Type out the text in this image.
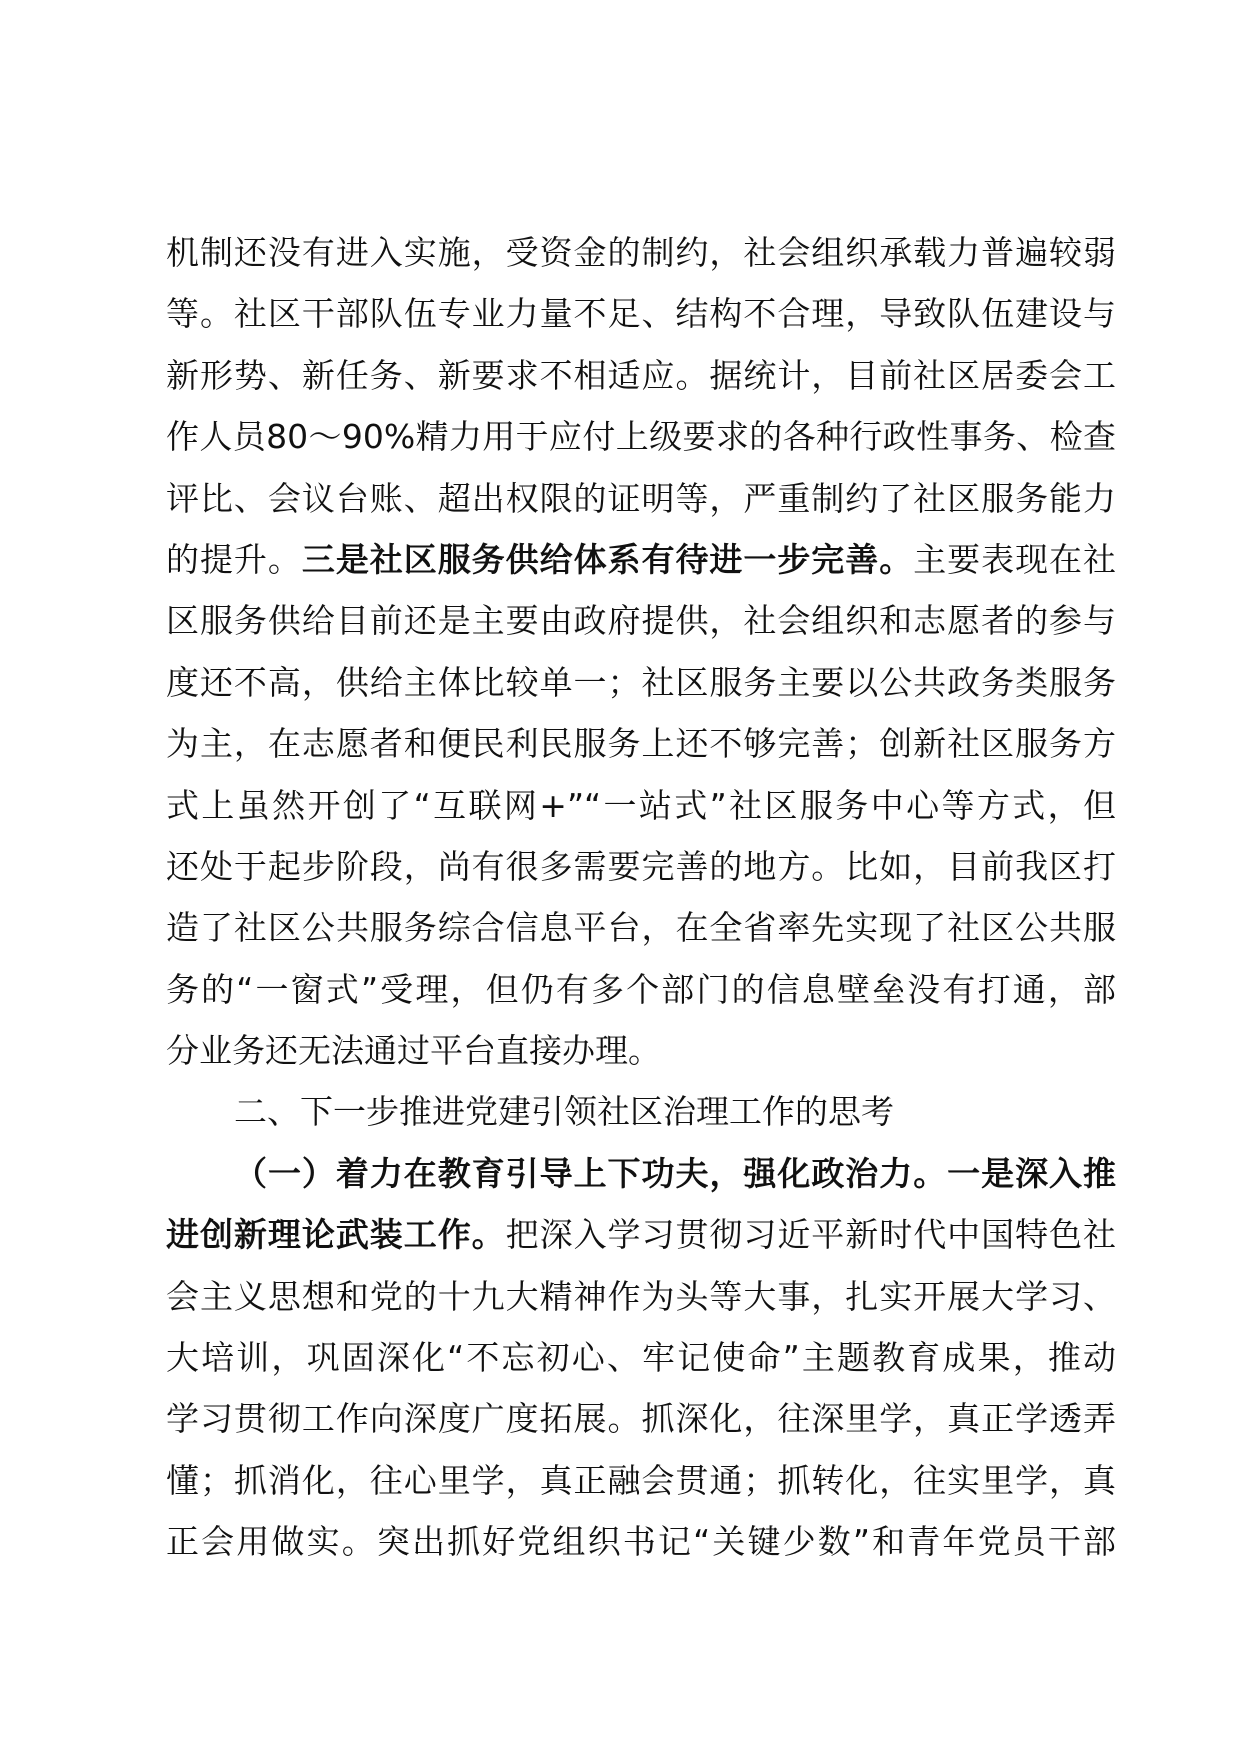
机制还没有进入实施，受资金的制约，社会组织承载力普遍较弱
等。社区干部队伍专业力量不足、结构不合理，导致队伍建设与
新形势、新任务、新要求不相适应。据统计，目前社区居委会工
作人员80～90%精力用于应付上级要求的各种行政性事务、检查
评比、会议台账、超出权限的证明等，严重制约了社区服务能力
的提升。三是社区服务供给体系有待进一步完善。主要表现在社
区服务供给目前还是主要由政府提供，社会组织和志愿者的参与
度还不高，供给主体比较单一；社区服务主要以公共政务类服务
为主，在志愿者和便民利民服务上还不够完善；创新社区服务方
式上虽然开创了“互联网+”“一站式”社区服务中心等方式，但
还处于起步阶段，尚有很多需要完善的地方。比如，目前我区打
造了社区公共服务综合信息平台，在全省率先实现了社区公共服
务的“一窗式”受理，但仍有多个部门的信息壁垒没有打通，部
分业务还无法通过平台直接办理。
二、下一步推进党建引领社区治理工作的思考
（一）着力在教育引导上下功夫，强化政治力。一是深入推
进创新理论武装工作。把深入学习贯彻习近平新时代中国特色社
会主义思想和党的十九大精神作为头等大事，扎实开展大学习、
大培训，巩固深化“不忘初心、牢记使命”主题教育成果，推动
学习贯彻工作向深度广度拓展。抓深化，往深里学，真正学透弄
懂；抓消化，往心里学，真正融会贯通；抓转化，往实里学，真
正会用做实。突出抓好党组织书记“关键少数”和青年党员干部
